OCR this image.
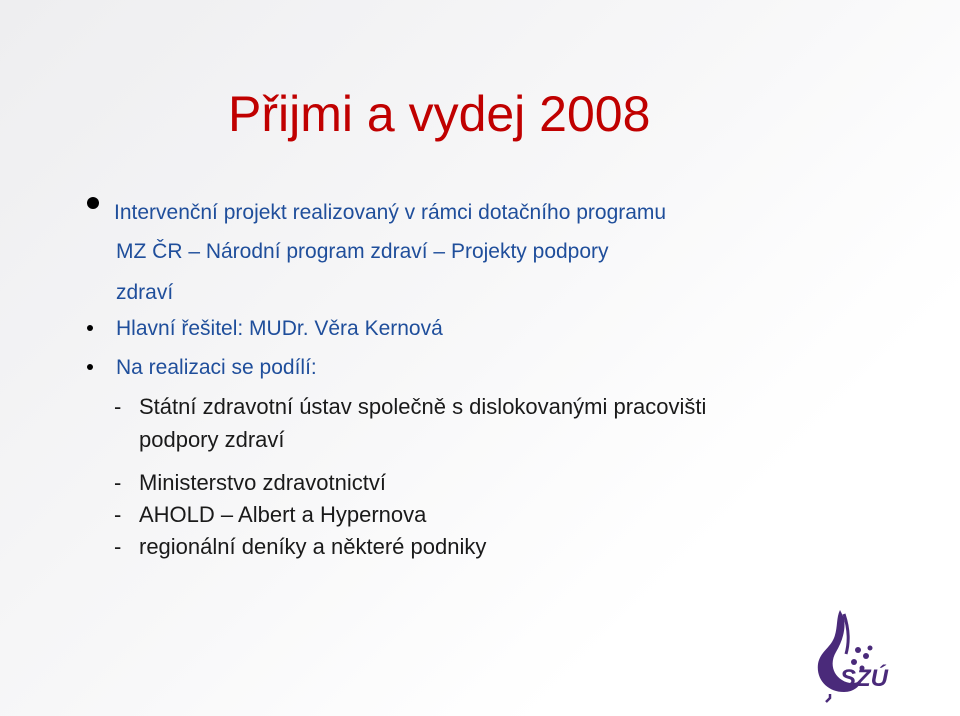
Přijmi a vydej 2008
Intervenční projekt realizovaný v rámci dotačního programu
MZ ČR – Národní program zdraví – Projekty podpory
zdraví
Hlavní řešitel: MUDr. Věra Kernová
Na realizaci se podílí:
- Státní zdravotní ústav společně s dislokovanými pracovišti
podpory zdraví
- Ministerstvo zdravotnictví
- AHOLD – Albert a Hypernova
- regionální deníky a některé podniky
SZÚ
